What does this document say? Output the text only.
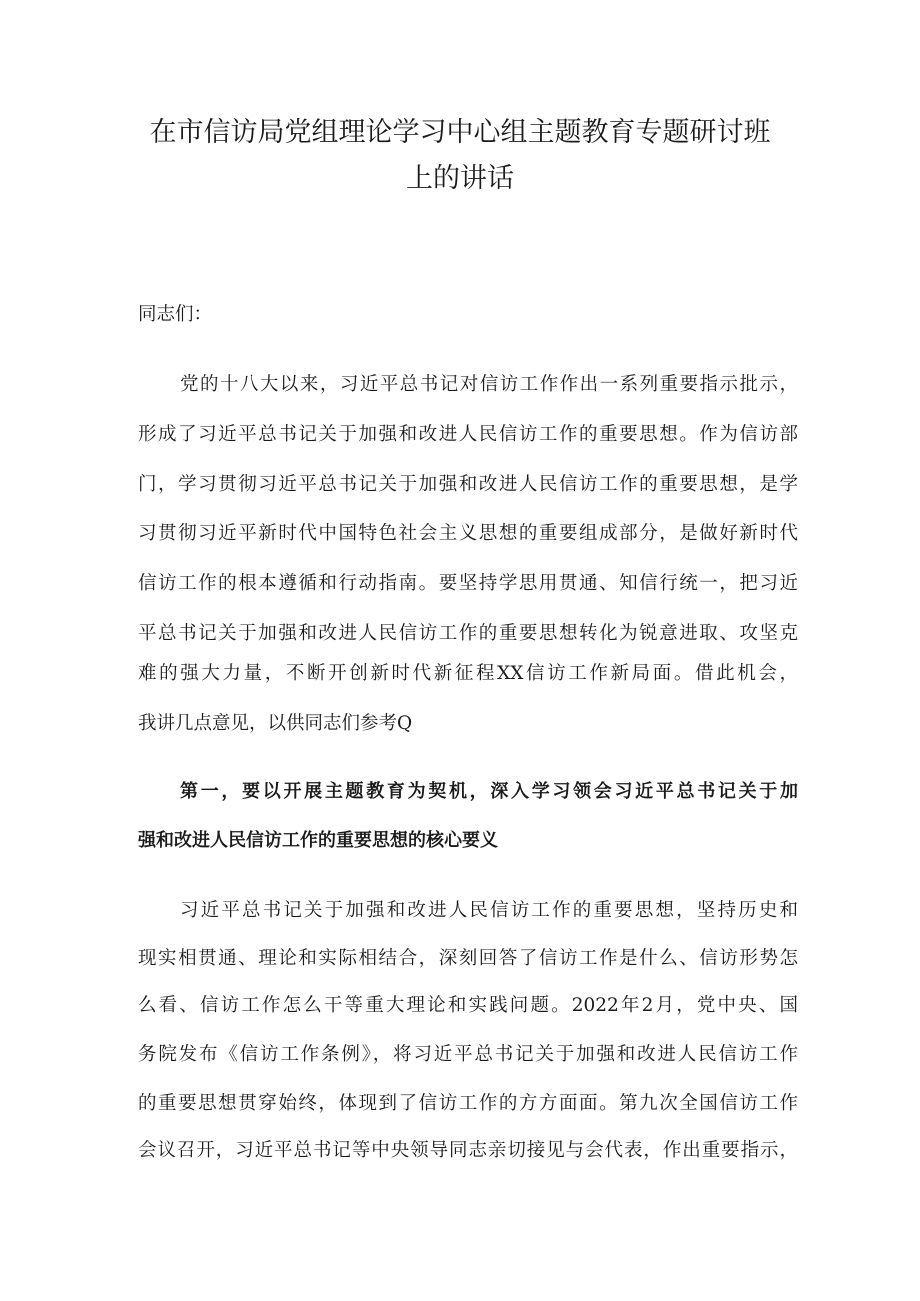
在市信访局党组理论学习中心组主题教育专题研讨班
上的讲话

同志们：

党的十八大以来，习近平总书记对信访工作作出一系列重要指示批示，

形成了习近平总书记关于加强和改进人民信访工作的重要思想。作为信访部

门，学习贯彻习近平总书记关于加强和改进人民信访工作的重要思想，是学

习贯彻习近平新时代中国特色社会主义思想的重要组成部分，是做好新时代

信访工作的根本遵循和行动指南。要坚持学思用贯通、知信行统一，把习近

平总书记关于加强和改进人民信访工作的重要思想转化为锐意进取、攻坚克

难的强大力量，不断开创新时代新征程XX信访工作新局面。借此机会，

我讲几点意见，以供同志们参考Q

第一，要以开展主题教育为契机，深入学习领会习近平总书记关于加

强和改进人民信访工作的重要思想的核心要义

习近平总书记关于加强和改进人民信访工作的重要思想，坚持历史和

现实相贯通、理论和实际相结合，深刻回答了信访工作是什么、信访形势怎

么看、信访工作怎么干等重大理论和实践问题。2022年2月，党中央、国

务院发布《信访工作条例》，将习近平总书记关于加强和改进人民信访工作

的重要思想贯穿始终，体现到了信访工作的方方面面。第九次全国信访工作

会议召开，习近平总书记等中央领导同志亲切接见与会代表，作出重要指示，
